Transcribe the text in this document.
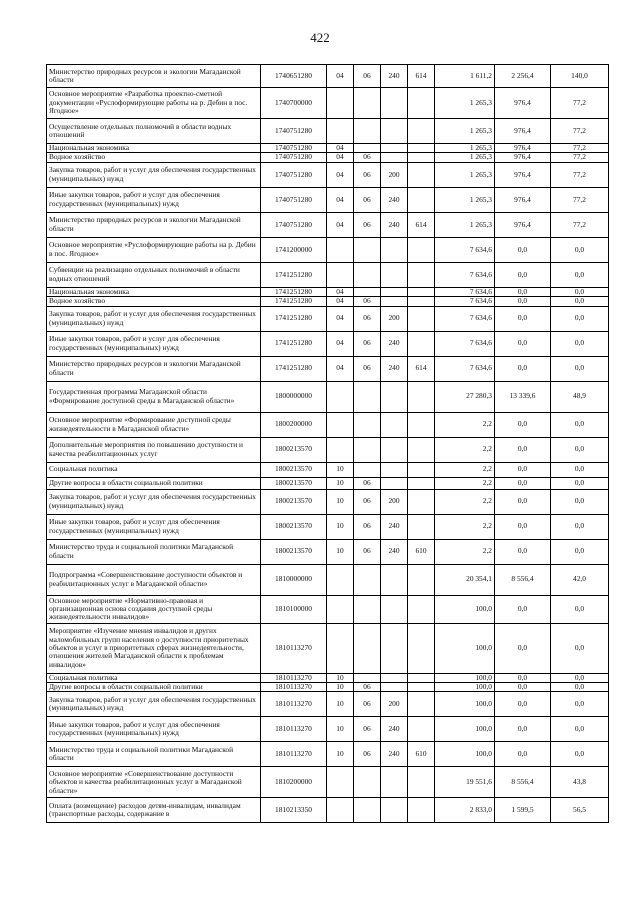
422
Министерство природных ресурсов и экологии Магаданской области	1740651280	04	06	240	614	1 611,2	2 256,4	140,0
Основное мероприятие «Разработка проектно-сметной документации «Руслоформирующие работы на р. Дебин в пос. Ягодное»	1740700000					1 265,3	976,4	77,2
Осуществление отдельных полномочий в области водных отношений	1740751280					1 265,3	976,4	77,2
Национальная экономика	1740751280	04				1 265,3	976,4	77,2
Водное хозяйство	1740751280	04	06			1 265,3	976,4	77,2
Закупка товаров, работ и услуг для обеспечения государственных (муниципальных) нужд	1740751280	04	06	200		1 265,3	976,4	77,2
Иные закупки товаров, работ и услуг для обеспечения государственных (муниципальных) нужд	1740751280	04	06	240		1 265,3	976,4	77,2
Министерство природных ресурсов и экологии Магаданской области	1740751280	04	06	240	614	1 265,3	976,4	77,2
Основное мероприятие «Руслоформирующие работы на р. Дебин в пос. Ягодное»	1741200000					7 634,6	0,0	0,0
Субвенции на реализацию отдельных полномочий в области водных отношений	1741251280					7 634,6	0,0	0,0
Национальная экономика	1741251280	04				7 634,6	0,0	0,0
Водное хозяйство	1741251280	04	06			7 634,6	0,0	0,0
Закупка товаров, работ и услуг для обеспечения государственных (муниципальных) нужд	1741251280	04	06	200		7 634,6	0,0	0,0
Иные закупки товаров, работ и услуг для обеспечения государственных (муниципальных) нужд	1741251280	04	06	240		7 634,6	0,0	0,0
Министерство природных ресурсов и экологии Магаданской области	1741251280	04	06	240	614	7 634,6	0,0	0,0
Государственная программа Магаданской области «Формирование доступной среды в Магаданской области»	1800000000					27 280,3	13 339,6	48,9
Основное мероприятие «Формирование доступной среды жизнедеятельности в Магаданской области»	1800200000					2,2	0,0	0,0
Дополнительные мероприятия по повышению доступности и качества реабилитационных услуг	1800213570					2,2	0,0	0,0
Социальная политика	1800213570	10				2,2	0,0	0,0
Другие вопросы в области социальной политики	1800213570	10	06			2,2	0,0	0,0
Закупка товаров, работ и услуг для обеспечения государственных (муниципальных) нужд	1800213570	10	06	200		2,2	0,0	0,0
Иные закупки товаров, работ и услуг для обеспечения государственных (муниципальных) нужд	1800213570	10	06	240		2,2	0,0	0,0
Министерство труда и социальной политики Магаданской области	1800213570	10	06	240	610	2,2	0,0	0,0
Подпрограмма «Совершенствование доступности объектов и реабилитационных услуг в Магаданской области»	1810000000					20 354,1	8 556,4	42,0
Основное мероприятие «Нормативно-правовая и организационная основа создания доступной среды жизнедеятельности инвалидов»	1810100000					100,0	0,0	0,0
Мероприятие «Изучение мнения инвалидов и других маломобильных групп населения о доступности приоритетных объектов и услуг в приоритетных сферах жизнедеятельности, отношения жителей Магаданской области к проблемам инвалидов»	1810113270					100,0	0,0	0,0
Социальная политика	1810113270	10				100,0	0,0	0,0
Другие вопросы в области социальной политики	1810113270	10	06			100,0	0,0	0,0
Закупка товаров, работ и услуг для обеспечения государственных (муниципальных) нужд	1810113270	10	06	200		100,0	0,0	0,0
Иные закупки товаров, работ и услуг для обеспечения государственных (муниципальных) нужд	1810113270	10	06	240		100,0	0,0	0,0
Министерство труда и социальной политики Магаданской области	1810113270	10	06	240	610	100,0	0,0	0,0
Основное мероприятие «Совершенствование доступности объектов и качества реабилитационных услуг в Магаданской области»	1810200000					19 551,6	8 556,4	43,8
Оплата (возмещение) расходов детям-инвалидам, инвалидам (транспортные расходы, содержание в	1810213350					2 833,0	1 599,5	56,5
